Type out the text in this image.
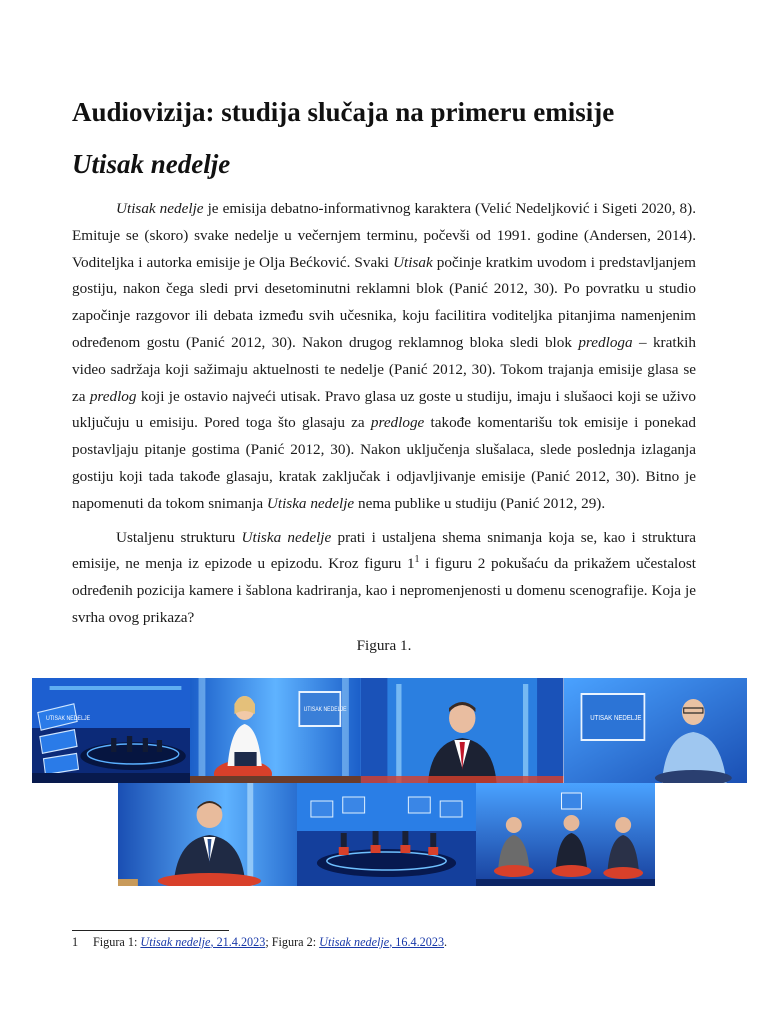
Audiovizija: studija slučaja na primeru emisije
Utisak nedelje

Utisak nedelje je emisija debatno-informativnog karaktera (Velić Nedeljković i Sigeti 2020, 8). Emituje se (skoro) svake nedelje u večernjem terminu, počevši od 1991. godine (Andersen, 2014). Voditeljka i autorka emisije je Olja Bećković. Svaki Utisak počinje kratkim uvodom i predstavljanjem gostiju, nakon čega sledi prvi desetominutni reklamni blok (Panić 2012, 30). Po povratku u studio započinje razgovor ili debata između svih učesnika, koju facilitira voditeljka pitanjima namenjenim određenom gostu (Panić 2012, 30). Nakon drugog reklamnog bloka sledi blok predloga – kratkih video sadržaja koji sažimaju aktuelnosti te nedelje (Panić 2012, 30). Tokom trajanja emisije glasa se za predlog koji je ostavio najveći utisak. Pravo glasa uz goste u studiju, imaju i slušaoci koji se uživo uključuju u emisiju. Pored toga što glasaju za predloge takođe komentarišu tok emisije i ponekad postavljaju pitanje gostima (Panić 2012, 30). Nakon uključenja slušalaca, slede poslednja izlaganja gostiju koji tada takođe glasaju, kratak zaključak i odjavljivanje emisije (Panić 2012, 30). Bitno je napomenuti da tokom snimanja Utiska nedelje nema publike u studiju (Panić 2012, 29).

Ustaljenu strukturu Utiska nedelje prati i ustaljena shema snimanja koja se, kao i struktura emisije, ne menja iz epizode u epizodu. Kroz figuru $1^1$ i figuru 2 pokušaću da prikažem učestalost određenih pozicija kamere i šablona kadriranja, kao i nepromenjenosti u domenu scenografije. Koja je svrha ovog prikaza?

Figura 1.
UTISAK NEDELJE
UTISAK NEDELJE
UTISAK NEDELJE
1 Figura 1: Utisak nedelje, 21.4.2023; Figura 2: Utisak nedelje, 16.4.2023.
